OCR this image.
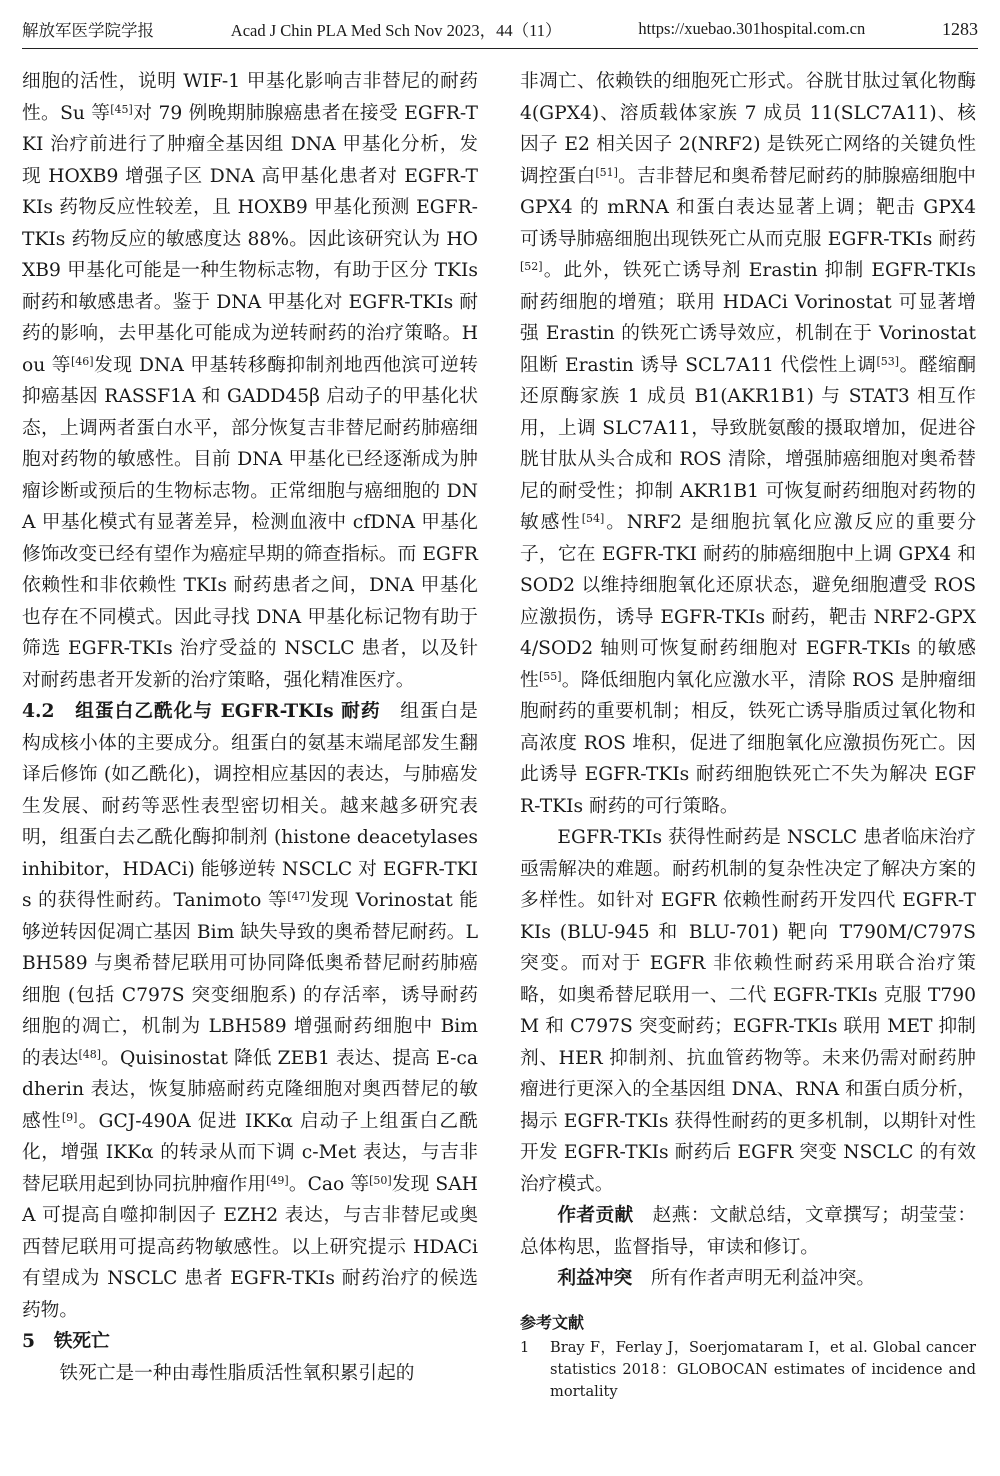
解放军医学院学报	Acad J Chin PLA Med Sch Nov 2023，44（11）	https://xuebao.301hospital.com.cn	1283

细胞的活性，说明 WIF-1 甲基化影响吉非替尼的耐药性。Su 等[45]对 79 例晚期肺腺癌患者在接受 EGFR-TKI 治疗前进行了肿瘤全基因组 DNA 甲基化分析，发现 HOXB9 增强子区 DNA 高甲基化患者对 EGFR-TKIs 药物反应性较差，且 HOXB9 甲基化预测 EGFR-TKIs 药物反应的敏感度达 88%。因此该研究认为 HOXB9 甲基化可能是一种生物标志物，有助于区分 TKIs 耐药和敏感患者。鉴于 DNA 甲基化对 EGFR-TKIs 耐药的影响，去甲基化可能成为逆转耐药的治疗策略。Hou 等[46]发现 DNA 甲基转移酶抑制剂地西他滨可逆转抑癌基因 RASSF1A 和 GADD45β 启动子的甲基化状态，上调两者蛋白水平，部分恢复吉非替尼耐药肺癌细胞对药物的敏感性。目前 DNA 甲基化已经逐渐成为肿瘤诊断或预后的生物标志物。正常细胞与癌细胞的 DNA 甲基化模式有显著差异，检测血液中 cfDNA 甲基化修饰改变已经有望作为癌症早期的筛查指标。而 EGFR 依赖性和非依赖性 TKIs 耐药患者之间，DNA 甲基化也存在不同模式。因此寻找 DNA 甲基化标记物有助于筛选 EGFR-TKIs 治疗受益的 NSCLC 患者，以及针对耐药患者开发新的治疗策略，强化精准医疗。

4.2　组蛋白乙酰化与 EGFR-TKIs 耐药　 组蛋白是构成核小体的主要成分。组蛋白的氨基末端尾部发生翻译后修饰 (如乙酰化)，调控相应基因的表达，与肺癌发生发展、耐药等恶性表型密切相关。越来越多研究表明，组蛋白去乙酰化酶抑制剂 (histone deacetylases inhibitor，HDACi) 能够逆转 NSCLC 对 EGFR-TKIs 的获得性耐药。Tanimoto 等[47]发现 Vorinostat 能够逆转因促凋亡基因 Bim 缺失导致的奥希替尼耐药。LBH589 与奥希替尼联用可协同降低奥希替尼耐药肺癌细胞 (包括 C797S 突变细胞系) 的存活率，诱导耐药细胞的凋亡，机制为 LBH589 增强耐药细胞中 Bim 的表达[48]。Quisinostat 降低 ZEB1 表达、提高 E-cadherin 表达，恢复肺癌耐药克隆细胞对奥西替尼的敏感性[9]。GCJ-490A 促进 IKKα 启动子上组蛋白乙酰化，增强 IKKα 的转录从而下调 c-Met 表达，与吉非替尼联用起到协同抗肿瘤作用[49]。Cao 等[50]发现 SAHA 可提高自噬抑制因子 EZH2 表达，与吉非替尼或奥西替尼联用可提高药物敏感性。以上研究提示 HDACi 有望成为 NSCLC 患者 EGFR-TKIs 耐药治疗的候选药物。

5　铁死亡

铁死亡是一种由毒性脂质活性氧积累引起的

非凋亡、依赖铁的细胞死亡形式。谷胱甘肽过氧化物酶 4(GPX4)、溶质载体家族 7 成员 11(SLC7A11)、核因子 E2 相关因子 2(NRF2) 是铁死亡网络的关键负性调控蛋白[51]。吉非替尼和奥希替尼耐药的肺腺癌细胞中 GPX4 的 mRNA 和蛋白表达显著上调；靶击 GPX4 可诱导肺癌细胞出现铁死亡从而克服 EGFR-TKIs 耐药[52]。此外，铁死亡诱导剂 Erastin 抑制 EGFR-TKIs 耐药细胞的增殖；联用 HDACi Vorinostat 可显著增强 Erastin 的铁死亡诱导效应，机制在于 Vorinostat 阻断 Erastin 诱导 SCL7A11 代偿性上调[53]。醛缩酮还原酶家族 1 成员 B1(AKR1B1) 与 STAT3 相互作用，上调 SLC7A11，导致胱氨酸的摄取增加，促进谷胱甘肽从头合成和 ROS 清除，增强肺癌细胞对奥希替尼的耐受性；抑制 AKR1B1 可恢复耐药细胞对药物的敏感性[54]。NRF2 是细胞抗氧化应激反应的重要分子，它在 EGFR-TKI 耐药的肺癌细胞中上调 GPX4 和 SOD2 以维持细胞氧化还原状态，避免细胞遭受 ROS 应激损伤，诱导 EGFR-TKIs 耐药，靶击 NRF2-GPX4/SOD2 轴则可恢复耐药细胞对 EGFR-TKIs 的敏感性[55]。降低细胞内氧化应激水平，清除 ROS 是肿瘤细胞耐药的重要机制；相反，铁死亡诱导脂质过氧化物和高浓度 ROS 堆积，促进了细胞氧化应激损伤死亡。因此诱导 EGFR-TKIs 耐药细胞铁死亡不失为解决 EGFR-TKIs 耐药的可行策略。

EGFR-TKIs 获得性耐药是 NSCLC 患者临床治疗亟需解决的难题。耐药机制的复杂性决定了解决方案的多样性。如针对 EGFR 依赖性耐药开发四代 EGFR-TKIs (BLU-945 和 BLU-701) 靶向 T790M/C797S 突变。而对于 EGFR 非依赖性耐药采用联合治疗策略，如奥希替尼联用一、二代 EGFR-TKIs 克服 T790M 和 C797S 突变耐药；EGFR-TKIs 联用 MET 抑制剂、HER 抑制剂、抗血管药物等。未来仍需对耐药肿瘤进行更深入的全基因组 DNA、RNA 和蛋白质分析，揭示 EGFR-TKIs 获得性耐药的更多机制，以期针对性开发 EGFR-TKIs 耐药后 EGFR 突变 NSCLC 的有效治疗模式。

作者贡献　 赵燕：文献总结，文章撰写；胡莹莹：总体构思，监督指导，审读和修订。

利益冲突　 所有作者声明无利益冲突。

参考文献

1	Bray F，Ferlay J，Soerjomataram I，et al. Global cancer statistics 2018：GLOBOCAN estimates of incidence and mortality
